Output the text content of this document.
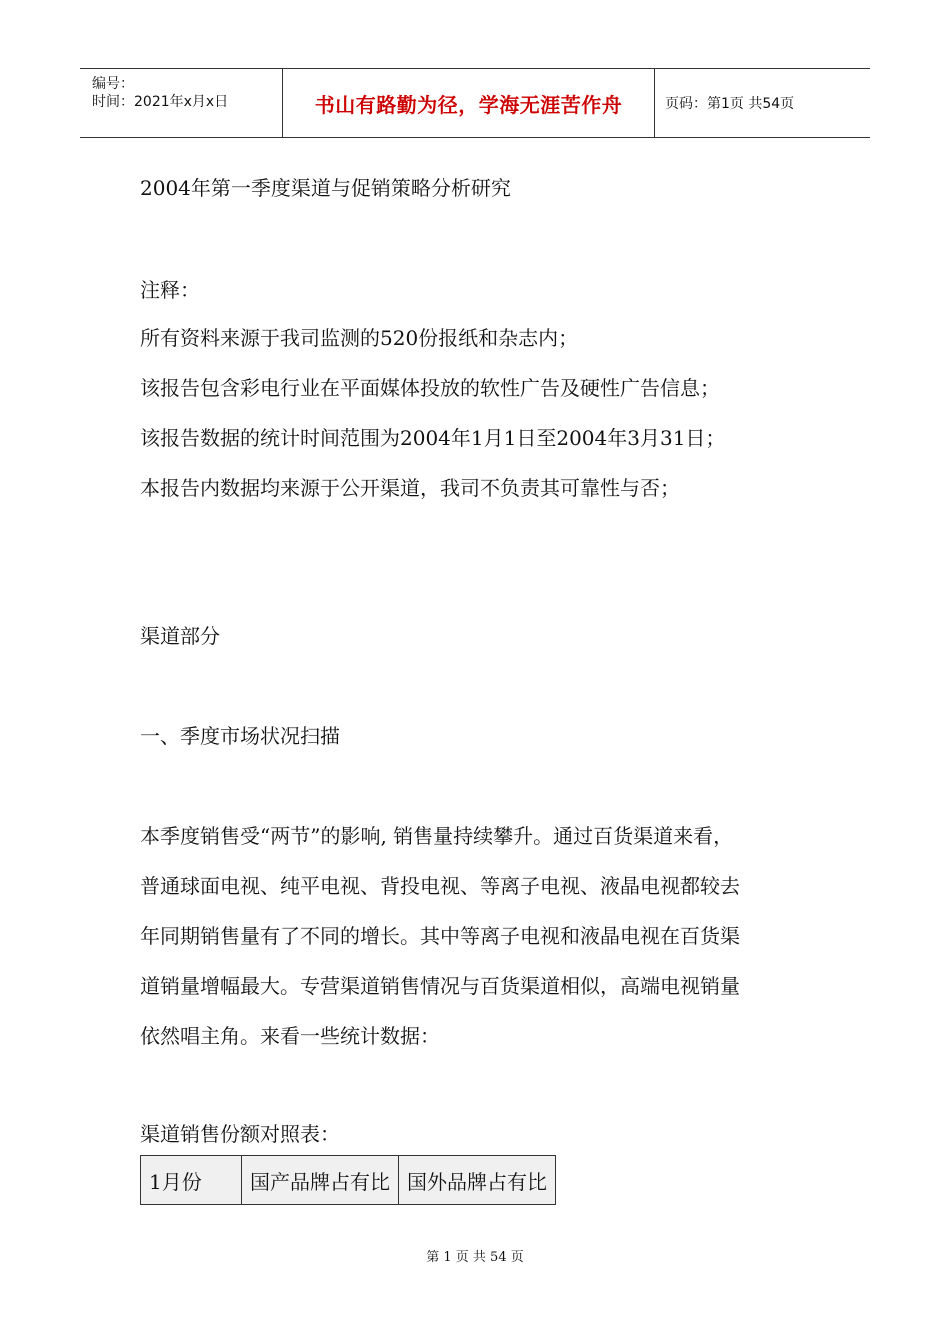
编号：
时间：2021年x月x日	书山有路勤为径，学海无涯苦作舟	页码：第1页 共54页
2004年第一季度渠道与促销策略分析研究
注释：
所有资料来源于我司监测的520份报纸和杂志内；
该报告包含彩电行业在平面媒体投放的软性广告及硬性广告信息；
该报告数据的统计时间范围为2004年1月1日至2004年3月31日；
本报告内数据均来源于公开渠道，我司不负责其可靠性与否；
渠道部分
一、季度市场状况扫描
本季度销售受“两节”的影响, 销售量持续攀升。通过百货渠道来看，
普通球面电视、纯平电视、背投电视、等离子电视、液晶电视都较去
年同期销售量有了不同的增长。其中等离子电视和液晶电视在百货渠
道销量增幅最大。专营渠道销售情况与百货渠道相似，高端电视销量
依然唱主角。来看一些统计数据：
渠道销售份额对照表：
1月份	国产品牌占有比	国外品牌占有比
第 1 页 共 54 页
